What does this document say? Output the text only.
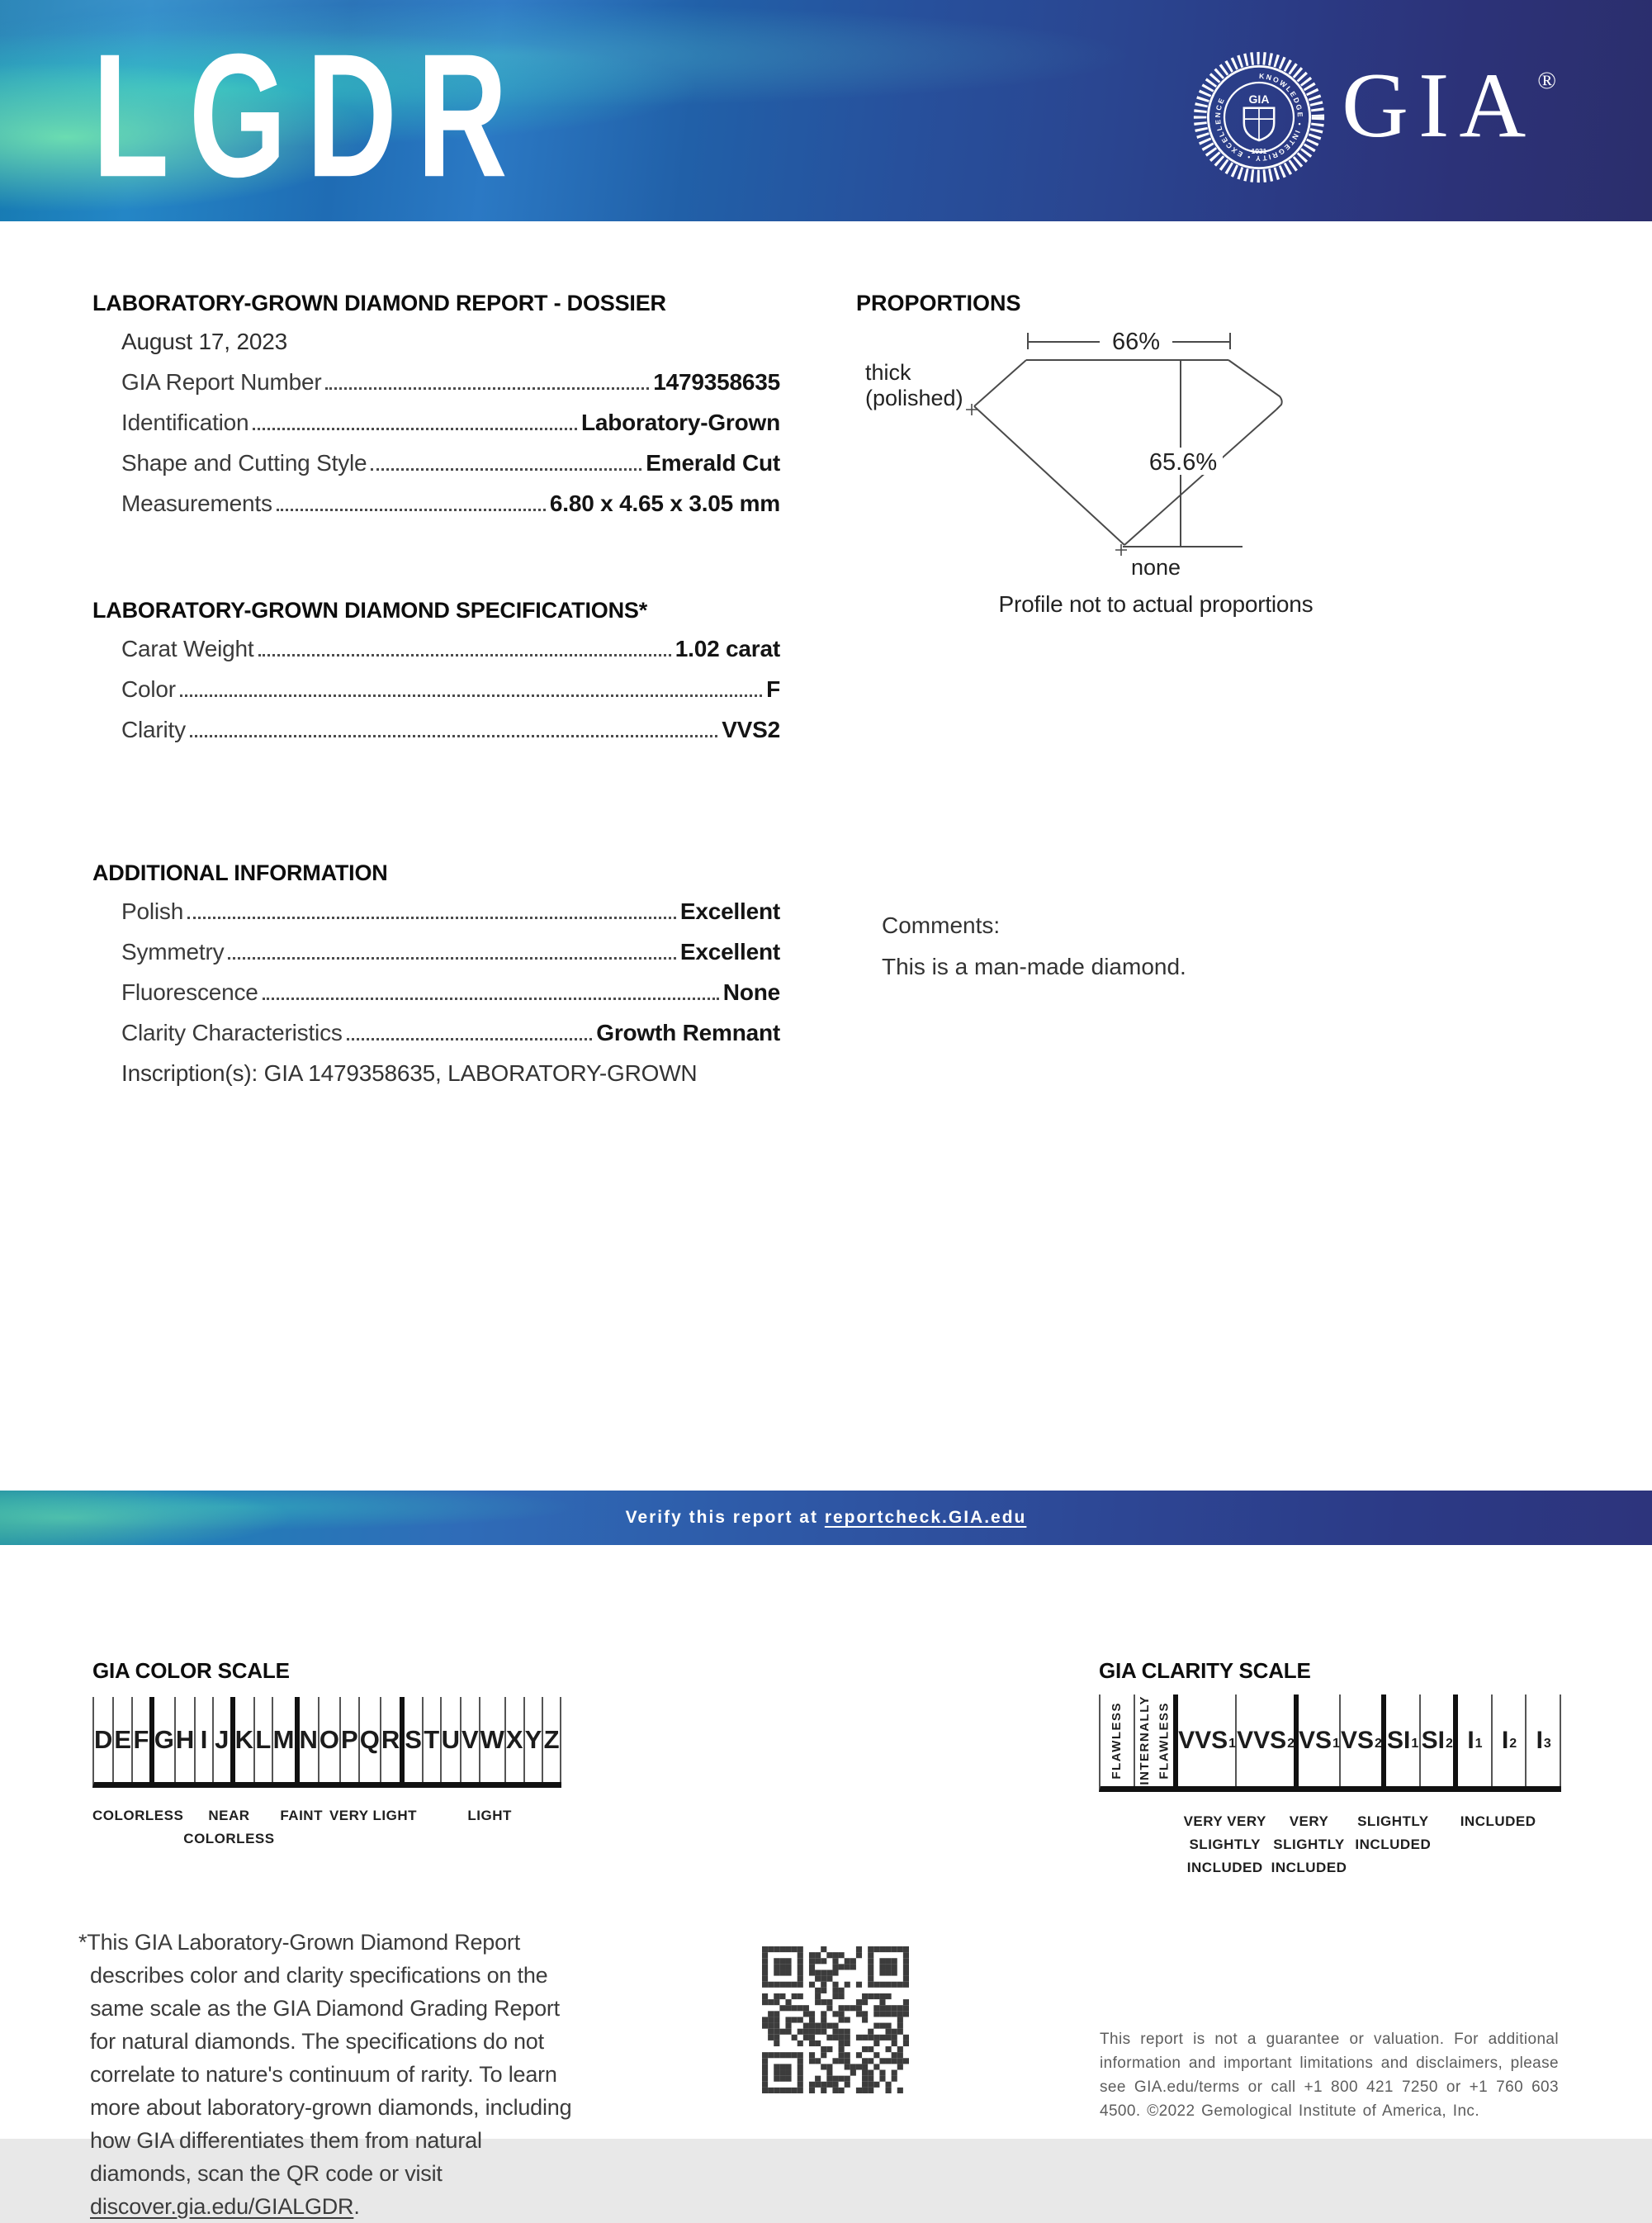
LGDR	KNOWLEDGE • INTEGRITY • EXCELLENCE	GIA
1931 GIA®
LABORATORY-GROWN DIAMOND REPORT - DOSSIER
August 17, 2023
GIA Report Number	1479358635
Identification	Laboratory-Grown
Shape and Cutting Style	Emerald Cut
Measurements	6.80 x 4.65 x 3.05 mm
LABORATORY-GROWN DIAMOND SPECIFICATIONS*
Carat Weight	1.02 carat
Color	F
Clarity	VVS2
ADDITIONAL INFORMATION
Polish	Excellent
Symmetry	Excellent
Fluorescence	None
Clarity Characteristics	Growth Remnant
Inscription(s): GIA 1479358635, LABORATORY-GROWN
PROPORTIONS
66%
65.6%
thick
(polished)
none
Profile not to actual proportions
Comments:
This is a man-made diamond.
Verify this report at reportcheck.GIA.edu
GIA COLOR SCALE
D E F G H I J K L M N O P Q R S T U V W X Y Z
COLORLESS	NEAR
COLORLESS
FAINT VERY LIGHT	LIGHT
GIA CLARITY SCALE
FLAWLESS INTERNALLY
FLAWLESS $VVS_1$ $VVS_2$ $VS_1$ $VS_2$ $SI_1$ $SI_2$ $I_1$ $I_2$ $I_3$
VERY VERY
SLIGHTLY
INCLUDED
VERY
SLIGHTLY
INCLUDED
SLIGHTLY
INCLUDED
INCLUDED
*This GIA Laboratory-Grown Diamond Report describes color and clarity specifications on the same scale as the GIA Diamond Grading Report for natural diamonds. The specifications do not correlate to nature's continuum of rarity. To learn more about laboratory-grown diamonds, including how GIA differentiates them from natural diamonds, scan the QR code or visit discover.gia.edu/GIALGDR.
This report is not a guarantee or valuation. For additional information and important limitations and disclaimers, please see GIA.edu/terms or call +1 800 421 7250 or +1 760 603 4500. ©2022 Gemological Institute of America, Inc.
